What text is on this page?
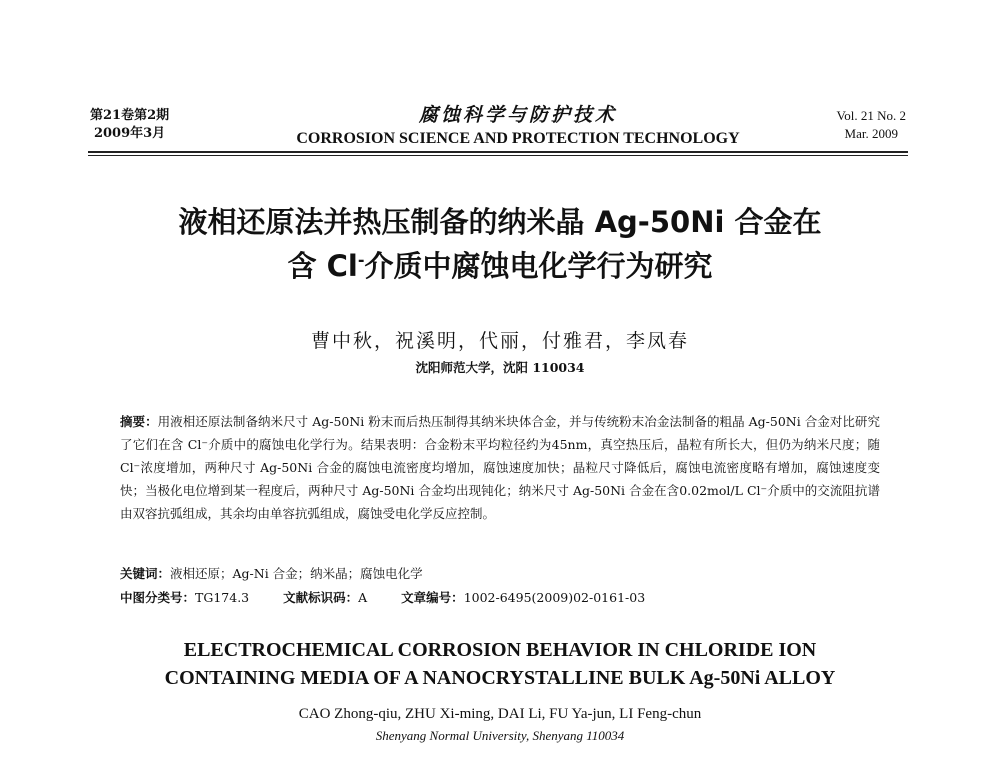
第21卷第2期
2009年3月
腐蚀科学与防护技术
CORROSION SCIENCE AND PROTECTION TECHNOLOGY
Vol. 21 No. 2
Mar. 2009
液相还原法并热压制备的纳米晶 Ag-50Ni 合金在
含 Cl-介质中腐蚀电化学行为研究
曹中秋，祝溪明，代丽，付雅君，李凤春
沈阳师范大学，沈阳 110034
摘要：用液相还原法制备纳米尺寸 Ag-50Ni 粉末而后热压制得其纳米块体合金，并与传统粉末冶金法制备的粗晶 Ag-50Ni 合金对比研究了它们在含 Cl⁻介质中的腐蚀电化学行为。结果表明：合金粉末平均粒径约为45nm，真空热压后，晶粒有所长大，但仍为纳米尺度；随 Cl⁻浓度增加，两种尺寸 Ag-50Ni 合金的腐蚀电流密度均增加，腐蚀速度加快；晶粒尺寸降低后，腐蚀电流密度略有增加，腐蚀速度变快；当极化电位增到某一程度后，两种尺寸 Ag-50Ni 合金均出现钝化；纳米尺寸 Ag-50Ni 合金在含0.02mol/L Cl⁻介质中的交流阻抗谱由双容抗弧组成，其余均由单容抗弧组成，腐蚀受电化学反应控制。
关键词：液相还原；Ag-Ni 合金；纳米晶；腐蚀电化学
中图分类号：TG174.3	文献标识码：A	文章编号：1002-6495(2009)02-0161-03
ELECTROCHEMICAL CORROSION BEHAVIOR IN CHLORIDE ION
CONTAINING MEDIA OF A NANOCRYSTALLINE BULK Ag-50Ni ALLOY
CAO Zhong-qiu, ZHU Xi-ming, DAI Li, FU Ya-jun, LI Feng-chun
Shenyang Normal University, Shenyang 110034
